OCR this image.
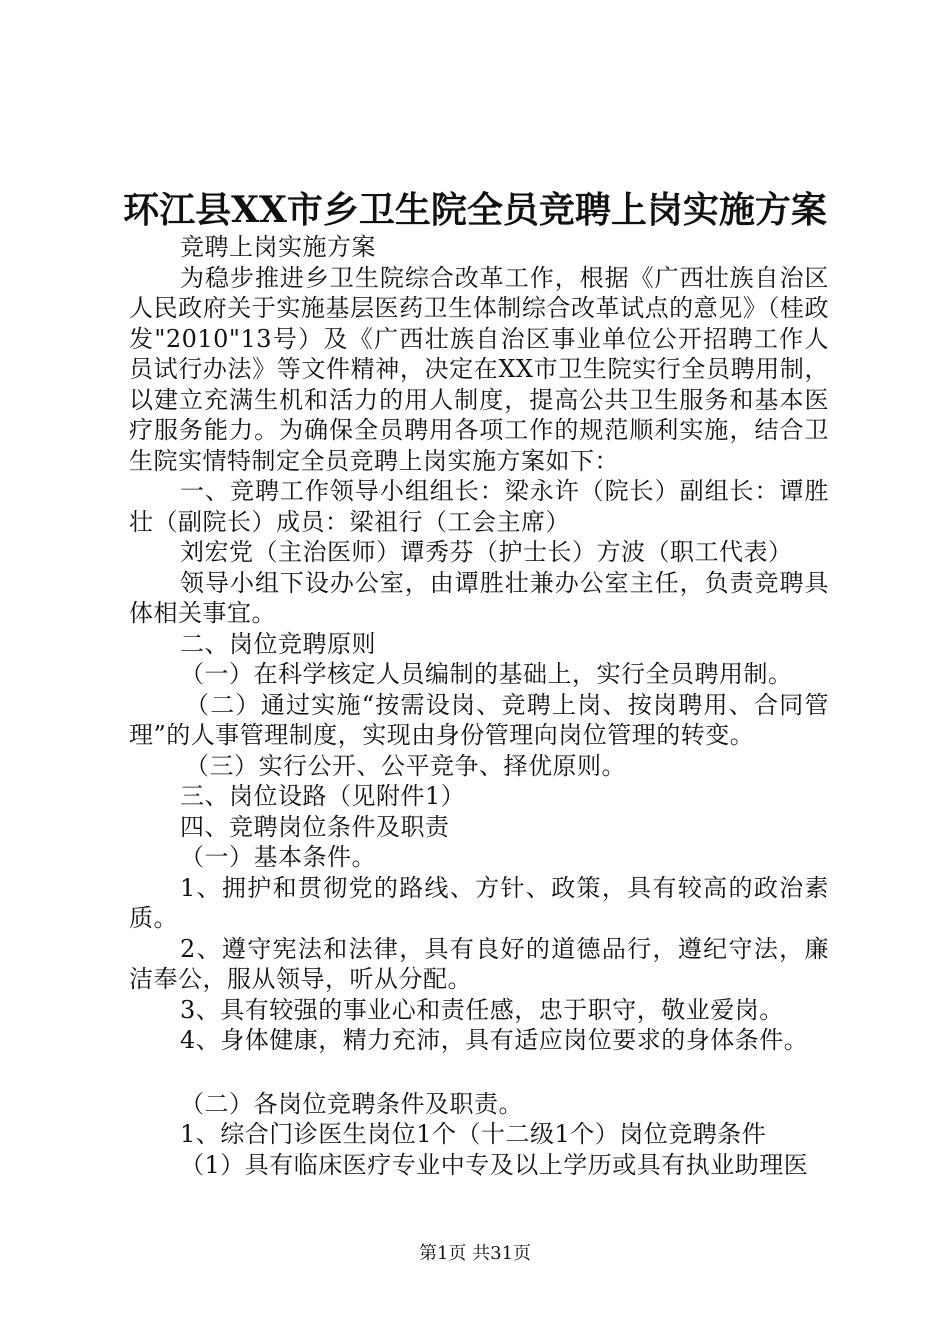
环江县XX市乡卫生院全员竞聘上岗实施方案

竞聘上岗实施方案

为稳步推进乡卫生院综合改革工作，根据《广西壮族自治区人民政府关于实施基层医药卫生体制综合改革试点的意见》（桂政发"2010"13号）及《广西壮族自治区事业单位公开招聘工作人员试行办法》等文件精神，决定在XX市卫生院实行全员聘用制，以建立充满生机和活力的用人制度，提高公共卫生服务和基本医疗服务能力。为确保全员聘用各项工作的规范顺利实施，结合卫生院实情特制定全员竞聘上岗实施方案如下：

一、竞聘工作领导小组组长：梁永许（院长）副组长：谭胜壮（副院长）成员：梁祖行（工会主席）

刘宏党（主治医师）谭秀芬（护士长）方波（职工代表）

领导小组下设办公室，由谭胜壮兼办公室主任，负责竞聘具体相关事宜。

二、岗位竞聘原则

（一）在科学核定人员编制的基础上，实行全员聘用制。

（二）通过实施“按需设岗、竞聘上岗、按岗聘用、合同管理”的人事管理制度，实现由身份管理向岗位管理的转变。

（三）实行公开、公平竞争、择优原则。

三、岗位设路（见附件1）

四、竞聘岗位条件及职责

（一）基本条件。

1、拥护和贯彻党的路线、方针、政策，具有较高的政治素质。

2、遵守宪法和法律，具有良好的道德品行，遵纪守法，廉洁奉公，服从领导，听从分配。

3、具有较强的事业心和责任感，忠于职守，敬业爱岗。

4、身体健康，精力充沛，具有适应岗位要求的身体条件。

（二）各岗位竞聘条件及职责。

1、综合门诊医生岗位1个（十二级1个）岗位竞聘条件

（1）具有临床医疗专业中专及以上学历或具有执业助理医

第1页 共31页
